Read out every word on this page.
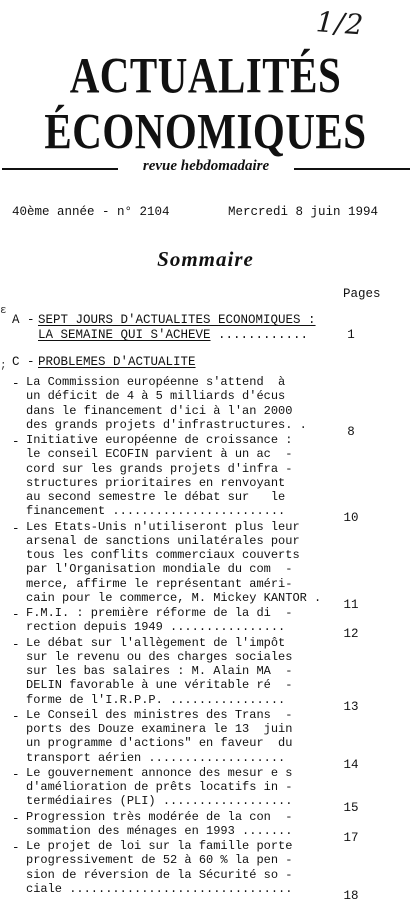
1/2
ACTUALITÉS
ÉCONOMIQUES
revue hebdomadaire
40ème année - n° 2104	Mercredi 8 juin 1994
Sommaire
Pages
ε
;
A - SEPT JOURS D'ACTUALITES ECONOMIQUES :
LA SEMAINE QUI S'ACHEVE ............	1
C - PROBLEMES D'ACTUALITE
- La Commission européenne s'attend  à
un déficit de 4 à 5 milliards d'écus
dans le financement d'ici à l'an 2000
des grands projets d'infrastructures. .	8
- Initiative européenne de croissance :
le conseil ECOFIN parvient à un ac  -
cord sur les grands projets d'infra -
structures prioritaires en renvoyant
au second semestre le débat sur   le
financement ........................	10
- Les Etats-Unis n'utiliseront plus leur
arsenal de sanctions unilatérales pour
tous les conflits commerciaux couverts
par l'Organisation mondiale du com  -
merce, affirme le représentant améri-
cain pour le commerce, M. Mickey KANTOR . 11
- F.M.I. : première réforme de la di  -
rection depuis 1949 ................	12
- Le débat sur l'allègement de l'impôt
sur le revenu ou des charges sociales
sur les bas salaires : M. Alain MA  -
DELIN favorable à une véritable ré  -
forme de l'I.R.P.P. ................	13
- Le Conseil des ministres des Trans  -
ports des Douze examinera le 13  juin
un programme d'actions" en faveur  du
transport aérien ...................	14
- Le gouvernement annonce des mesur e s
d'amélioration de prêts locatifs in -
termédiaires (PLI) ..................	15
- Progression très modérée de la con  -
sommation des ménages en 1993 .......	17
- Le projet de loi sur la famille porte
progressivement de 52 à 60 % la pen -
sion de réversion de la Sécurité so -
ciale ...............................	18
